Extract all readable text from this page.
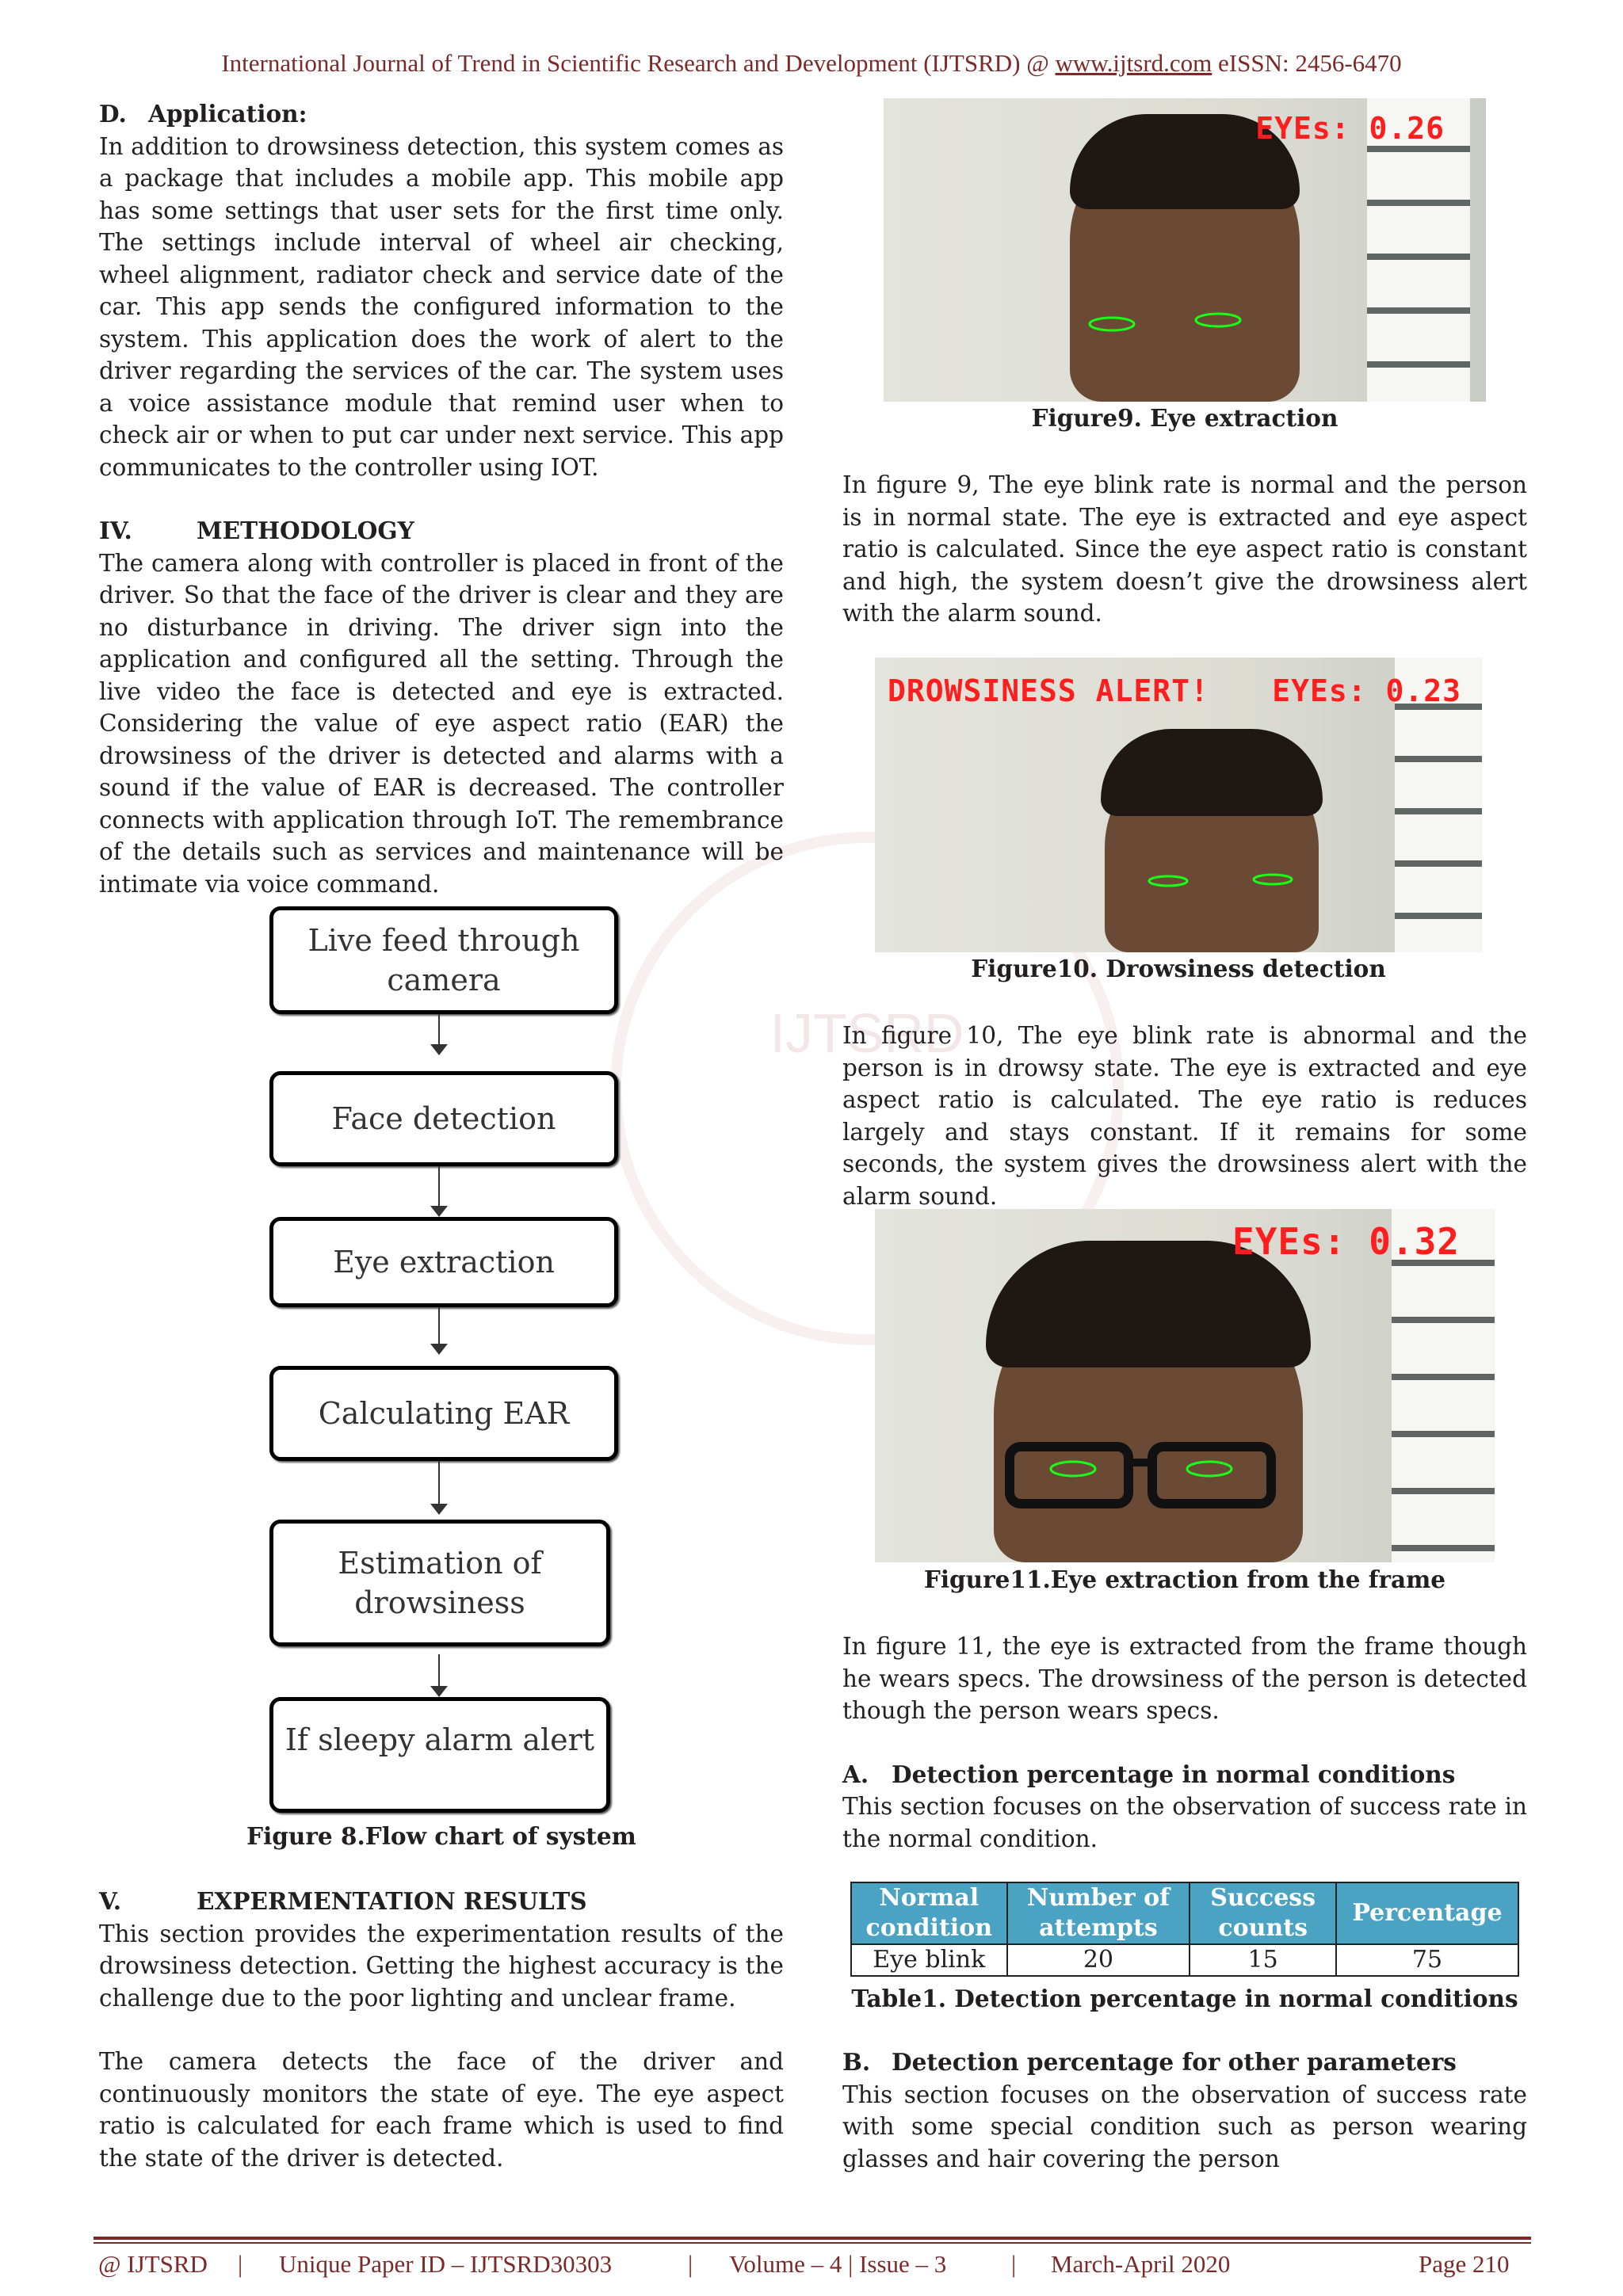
International Journal of Trend in Scientific Research and Development (IJTSRD) @ www.ijtsrd.com eISSN: 2456-6470
IJTSRD

D. Application:

In addition to drowsiness detection, this system comes as a package that includes a mobile app. This mobile app has some settings that user sets for the first time only. The settings include interval of wheel air checking, wheel alignment, radiator check and service date of the car. This app sends the configured information to the system. This application does the work of alert to the driver regarding the services of the car. The system uses a voice assistance module that remind user when to check air or when to put car under next service. This app communicates to the controller using IOT.

IV.	METHODOLOGY

The camera along with controller is placed in front of the driver. So that the face of the driver is clear and they are no disturbance in driving. The driver sign into the application and configured all the setting. Through the live video the face is detected and eye is extracted. Considering the value of eye aspect ratio (EAR) the drowsiness of the driver is detected and alarms with a sound if the value of EAR is decreased. The controller connects with application through IoT. The remembrance of the details such as services and maintenance will be intimate via voice command.

Live feed through camera
Face detection
Eye extraction
Calculating EAR
Estimation of drowsiness
If sleepy alarm alert
Figure 8.Flow chart of system

V.	EXPERMENTATION RESULTS

This section provides the experimentation results of the drowsiness detection. Getting the highest accuracy is the challenge due to the poor lighting and unclear frame.

The camera detects the face of the driver and continuously monitors the state of eye. The eye aspect ratio is calculated for each frame which is used to find the state of the driver is detected.

EYEs: 0.26
Figure9. Eye extraction

In figure 9, The eye blink rate is normal and the person is in normal state. The eye is extracted and eye aspect ratio is calculated. Since the eye aspect ratio is constant and high, the system doesn’t give the drowsiness alert with the alarm sound.

DROWSINESS ALERT! EYEs: 0.23
Figure10. Drowsiness detection

In figure 10, The eye blink rate is abnormal and the person is in drowsy state. The eye is extracted and eye aspect ratio is calculated. The eye ratio is reduces largely and stays constant. If it remains for some seconds, the system gives the drowsiness alert with the alarm sound.

EYEs: 0.32
Figure11.Eye extraction from the frame

In figure 11, the eye is extracted from the frame though he wears specs. The drowsiness of the person is detected though the person wears specs.

A. Detection percentage in normal conditions

This section focuses on the observation of success rate in the normal condition.

Normal condition	Number of attempts	Success counts	Percentage
Eye blink	20	15	75
Table1. Detection percentage in normal conditions

B. Detection percentage for other parameters

This section focuses on the observation of success rate with some special condition such as person wearing glasses and hair covering the person

@ IJTSRD | Unique Paper ID – IJTSRD30303	| Volume – 4 | Issue – 3	| March-April 2020	Page 210
